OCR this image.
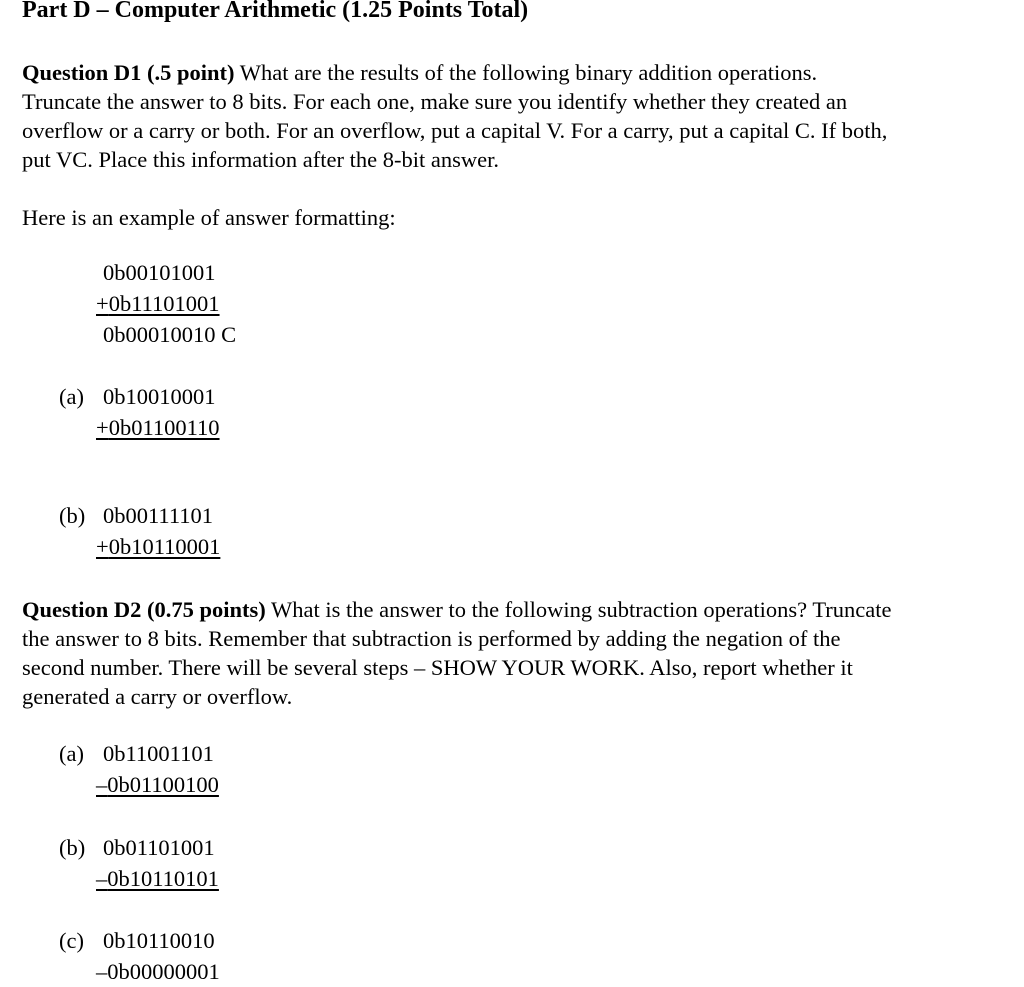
Part D – Computer Arithmetic (1.25 Points Total)
Question D1 (.5 point) What are the results of the following binary addition operations.
Truncate the answer to 8 bits. For each one, make sure you identify whether they created an
overflow or a carry or both. For an overflow, put a capital V. For a carry, put a capital C. If both,
put VC. Place this information after the 8-bit answer.
Here is an example of answer formatting:
0b00101001
+0b11101001
0b00010010 C
(a) 0b10010001
+0b01100110
(b) 0b00111101
+0b10110001
Question D2 (0.75 points) What is the answer to the following subtraction operations? Truncate
the answer to 8 bits. Remember that subtraction is performed by adding the negation of the
second number. There will be several steps – SHOW YOUR WORK. Also, report whether it
generated a carry or overflow.
(a) 0b11001101
–0b01100100
(b) 0b01101001
–0b10110101
(c) 0b10110010
–0b00000001
